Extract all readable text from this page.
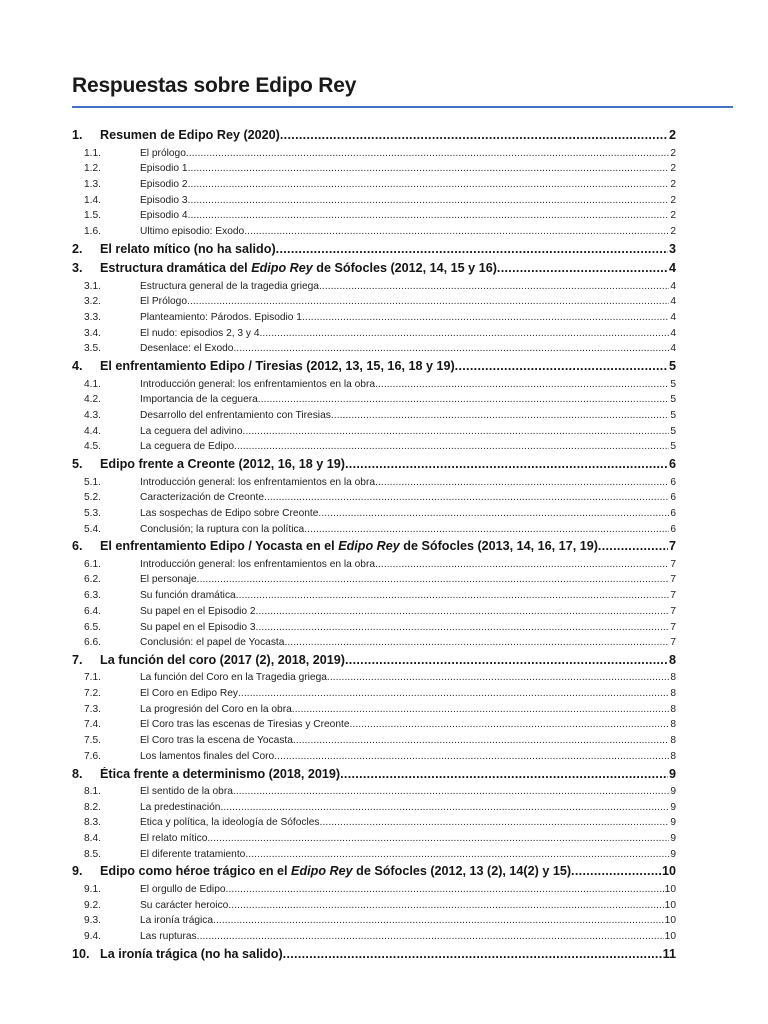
Respuestas sobre Edipo Rey
1.	Resumen de Edipo Rey (2020) .....	2
1.1.	El prólogo .....	2
1.2.	Episodio 1 .....	2
1.3.	Episodio 2 .....	2
1.4.	Episodio 3 .....	2
1.5.	Episodio 4 .....	2
1.6.	Último episodio: Éxodo .....	2
2.	El relato mítico (no ha salido) .....	3
3.	Estructura dramática del Edipo Rey de Sófocles (2012, 14, 15 y 16) .....	4
3.1.	Estructura general de la tragedia griega .....	4
3.2.	El Prólogo .....	4
3.3.	Planteamiento: Párodos. Episodio 1 .....	4
3.4.	El nudo: episodios 2, 3 y 4 .....	4
3.5.	Desenlace: el Éxodo .....	4
4.	El enfrentamiento Edipo / Tiresias (2012, 13, 15, 16, 18 y 19) .....	5
4.1.	Introducción general: los enfrentamientos en la obra .....	5
4.2.	Importancia de la ceguera .....	5
4.3.	Desarrollo del enfrentamiento con Tiresias .....	5
4.4.	La ceguera del adivino .....	5
4.5.	La ceguera de Edipo .....	5
5.	Edipo frente a Creonte (2012, 16, 18 y 19) .....	6
5.1.	Introducción general: los enfrentamientos en la obra .....	6
5.2.	Caracterización de Creonte .....	6
5.3.	Las sospechas de Edipo sobre Creonte .....	6
5.4.	Conclusión; la ruptura con la política .....	6
6.	El enfrentamiento Edipo / Yocasta en el Edipo Rey de Sófocles (2013, 14, 16, 17, 19) .....	7
6.1.	Introducción general: los enfrentamientos en la obra .....	7
6.2.	El personaje .....	7
6.3.	Su función dramática .....	7
6.4.	Su papel en el Episodio 2 .....	7
6.5.	Su papel en el Episodio 3 .....	7
6.6.	Conclusión: el papel de Yocasta .....	7
7.	La función del coro (2017 (2), 2018, 2019) .....	8
7.1.	La función del Coro en la Tragedia griega .....	8
7.2.	El Coro en Edipo Rey .....	8
7.3.	La progresión del Coro en la obra .....	8
7.4.	El Coro tras las escenas de Tiresias y Creonte .....	8
7.5.	El Coro tras la escena de Yocasta .....	8
7.6.	Los lamentos finales del Coro .....	8
8.	Ética frente a determinismo (2018, 2019) .....	9
8.1.	El sentido de la obra .....	9
8.2.	La predestinación .....	9
8.3.	Ética y política, la ideología de Sófocles .....	9
8.4.	El relato mítico .....	9
8.5.	El diferente tratamiento .....	9
9.	Edipo como héroe trágico en el Edipo Rey de Sófocles (2012, 13 (2), 14(2) y 15) .....	10
9.1.	El orgullo de Edipo .....	10
9.2.	Su carácter heroico .....	10
9.3.	La ironía trágica .....	10
9.4.	Las rupturas .....	10
10. La ironía trágica (no ha salido) .....	11
